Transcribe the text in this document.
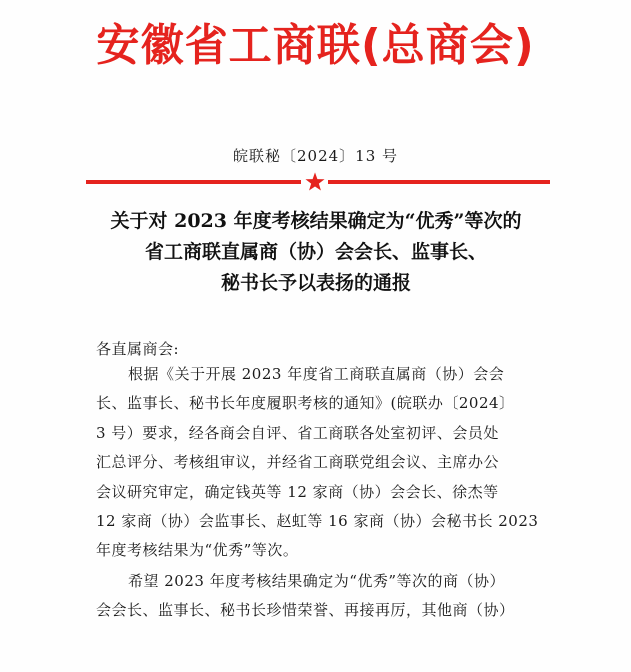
安徽省工商联(总商会)
皖联秘〔2024〕13 号
关于对 2023 年度考核结果确定为“优秀”等次的
省工商联直属商（协）会会长、监事长、
秘书长予以表扬的通报
各直属商会:
根据《关于开展 2023 年度省工商联直属商（协）会会
长、监事长、秘书长年度履职考核的通知》(皖联办〔2024〕
3 号）要求，经各商会自评、省工商联各处室初评、会员处
汇总评分、考核组审议，并经省工商联党组会议、主席办公
会议研究审定，确定钱英等 12 家商（协）会会长、徐杰等
12 家商（协）会监事长、赵虹等 16 家商（协）会秘书长 2023
年度考核结果为“优秀”等次。
希望 2023 年度考核结果确定为“优秀”等次的商（协）
会会长、监事长、秘书长珍惜荣誉、再接再厉，其他商（协）
